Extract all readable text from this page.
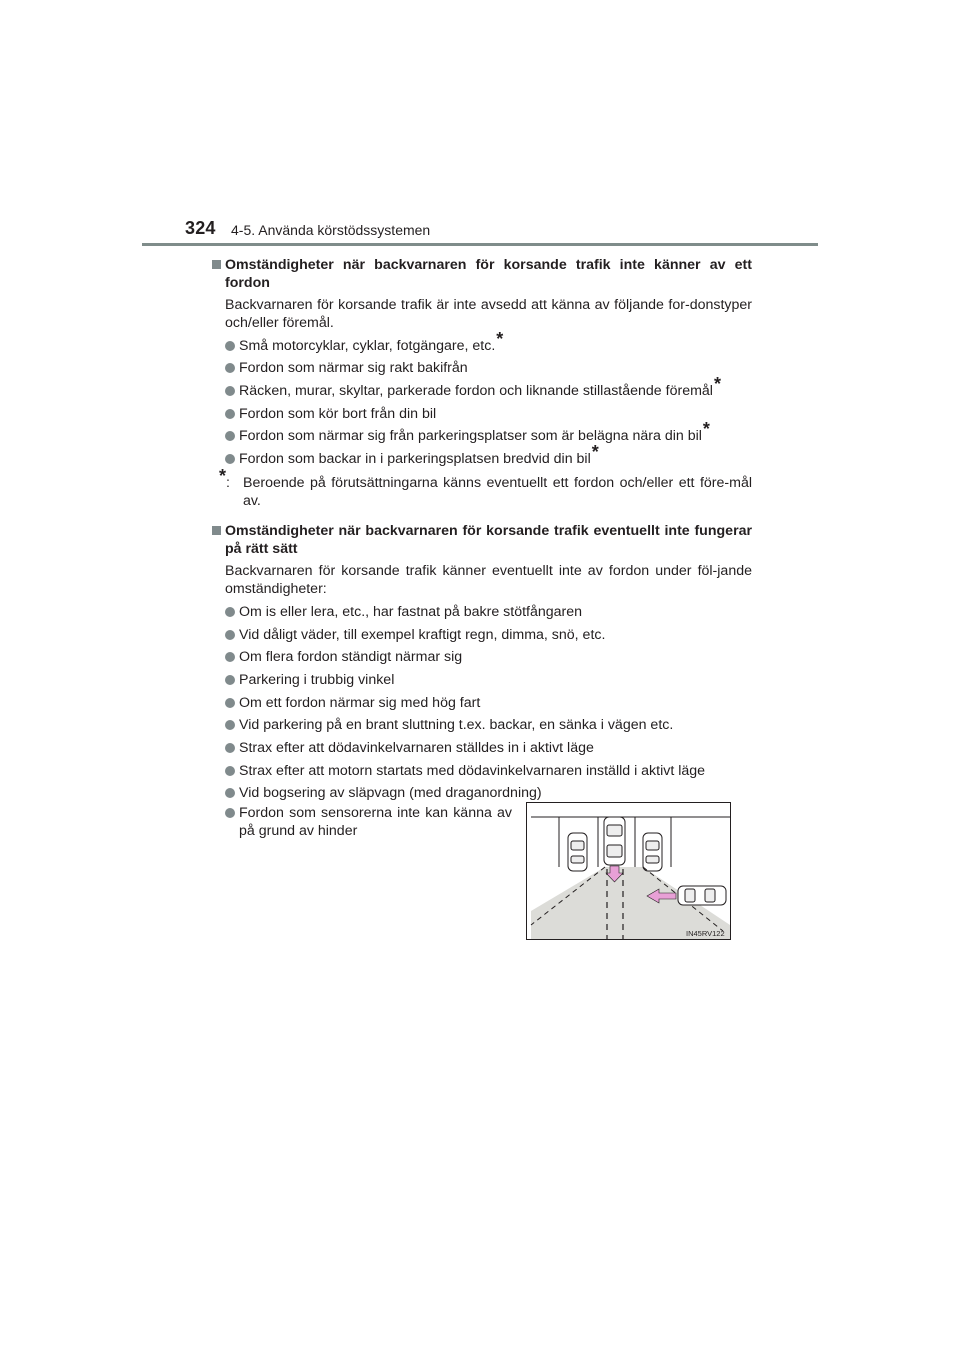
324 4-5. Använda körstödssystemen
Omständigheter när backvarnaren för korsande trafik inte känner av ett fordon
Backvarnaren för korsande trafik är inte avsedd att känna av följande for-donstyper och/eller föremål.
Små motorcyklar, cyklar, fotgängare, etc.*
Fordon som närmar sig rakt bakifrån
Räcken, murar, skyltar, parkerade fordon och liknande stillastående föremål*
Fordon som kör bort från din bil
Fordon som närmar sig från parkeringsplatser som är belägna nära din bil*
Fordon som backar in i parkeringsplatsen bredvid din bil*
*: Beroende på förutsättningarna känns eventuellt ett fordon och/eller ett före-mål av.
Omständigheter när backvarnaren för korsande trafik eventuellt inte fungerar på rätt sätt
Backvarnaren för korsande trafik känner eventuellt inte av fordon under föl-jande omständigheter:
Om is eller lera, etc., har fastnat på bakre stötfångaren
Vid dåligt väder, till exempel kraftigt regn, dimma, snö, etc.
Om flera fordon ständigt närmar sig
Parkering i trubbig vinkel
Om ett fordon närmar sig med hög fart
Vid parkering på en brant sluttning t.ex. backar, en sänka i vägen etc.
Strax efter att dödavinkelvarnaren ställdes in i aktivt läge
Strax efter att motorn startats med dödavinkelvarnaren inställd i aktivt läge
Vid bogsering av släpvagn (med draganordning)
Fordon som sensorerna inte kan känna av på grund av hinder
IN45RV122
